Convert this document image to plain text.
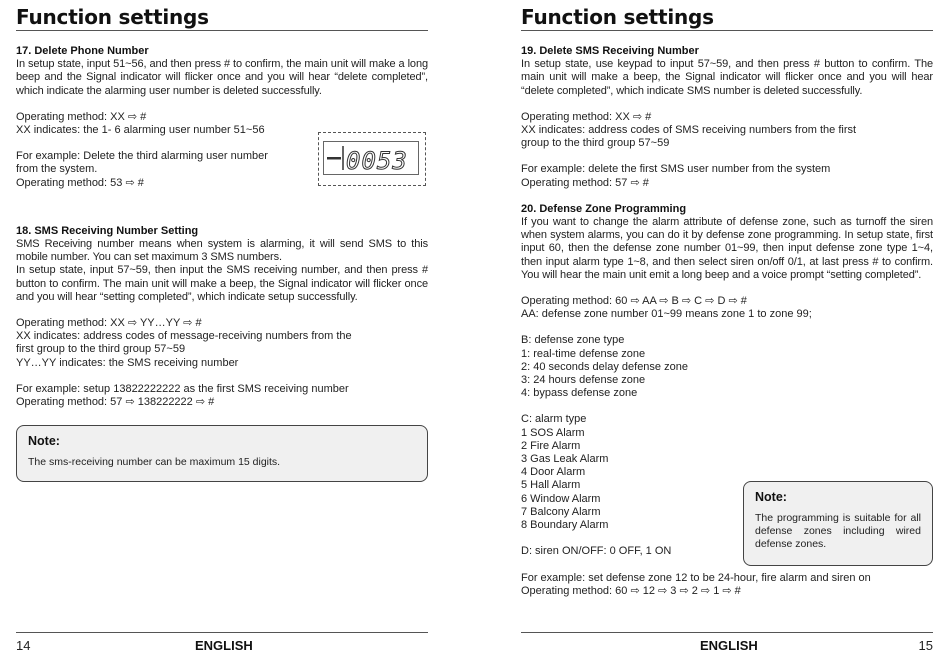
Function settings

17. Delete Phone Number

In setup state, input 51~56, and then press # to confirm, the main unit will make a long beep and the Signal indicator will flicker once and you will hear “delete completed”, which indicate the alarming user number is deleted successfully.

Operating method: XX ⇨ #

XX indicates: the 1- 6 alarming user number 51~56

For example: Delete the third alarming user number

from the system.

Operating method: 53 ⇨ #

18. SMS Receiving Number Setting

SMS Receiving number means when system is alarming, it will send SMS to this mobile number. You can set maximum 3 SMS numbers.

In setup state, input 57~59, then input the SMS receiving number, and then press # button to confirm. The main unit will make a beep, the Signal indicator will flicker once and you will hear “setting completed”, which indicate setup successfully.

Operating method: XX ⇨ YY…YY ⇨ #

XX indicates: address codes of message-receiving numbers from the

first group to the third group 57~59

YY…YY indicates: the SMS receiving number

For example: setup 13822222222 as the first SMS receiving number

Operating method: 57 ⇨ 138222222 ⇨ #

0053

Note:

The sms-receiving number can be maximum 15 digits.

14	ENGLISH
Function settings

19. Delete SMS Receiving Number

In setup state, use keypad to input 57~59, and then press # button to confirm. The main unit will make a beep, the Signal indicator will flicker once and you will hear “delete completed”, which indicate SMS number is deleted successfully.

Operating method: XX ⇨ #

XX indicates: address codes of SMS receiving numbers from the first

group to the third group 57~59

For example: delete the first SMS user number from the system

Operating method: 57 ⇨ #

20. Defense Zone Programming

If you want to change the alarm attribute of defense zone, such as turnoff the siren when system alarms, you can do it by defense zone programming. In setup state, first input 60, then the defense zone number 01~99, then input defense zone type 1~4, then input alarm type 1~8, and then select siren on/off 0/1, at last press # to confirm. You will hear the main unit emit a long beep and a voice prompt “setting completed”.

Operating method: 60 ⇨ AA ⇨ B ⇨ C ⇨ D ⇨ #

AA: defense zone number 01~99 means zone 1 to zone 99;

B: defense zone type

1: real-time defense zone

2: 40 seconds delay defense zone

3: 24 hours defense zone

4: bypass defense zone

C: alarm type

1 SOS Alarm

2 Fire Alarm

3 Gas Leak Alarm

4 Door Alarm

5 Hall Alarm

6 Window Alarm

7 Balcony Alarm

8 Boundary Alarm

D: siren ON/OFF: 0 OFF, 1 ON

For example: set defense zone 12 to be 24-hour, fire alarm and siren on

Operating method: 60 ⇨ 12 ⇨ 3 ⇨ 2 ⇨ 1 ⇨ #

Note:

The programming is suitable for all defense zones including wired defense zones.

ENGLISH	15
